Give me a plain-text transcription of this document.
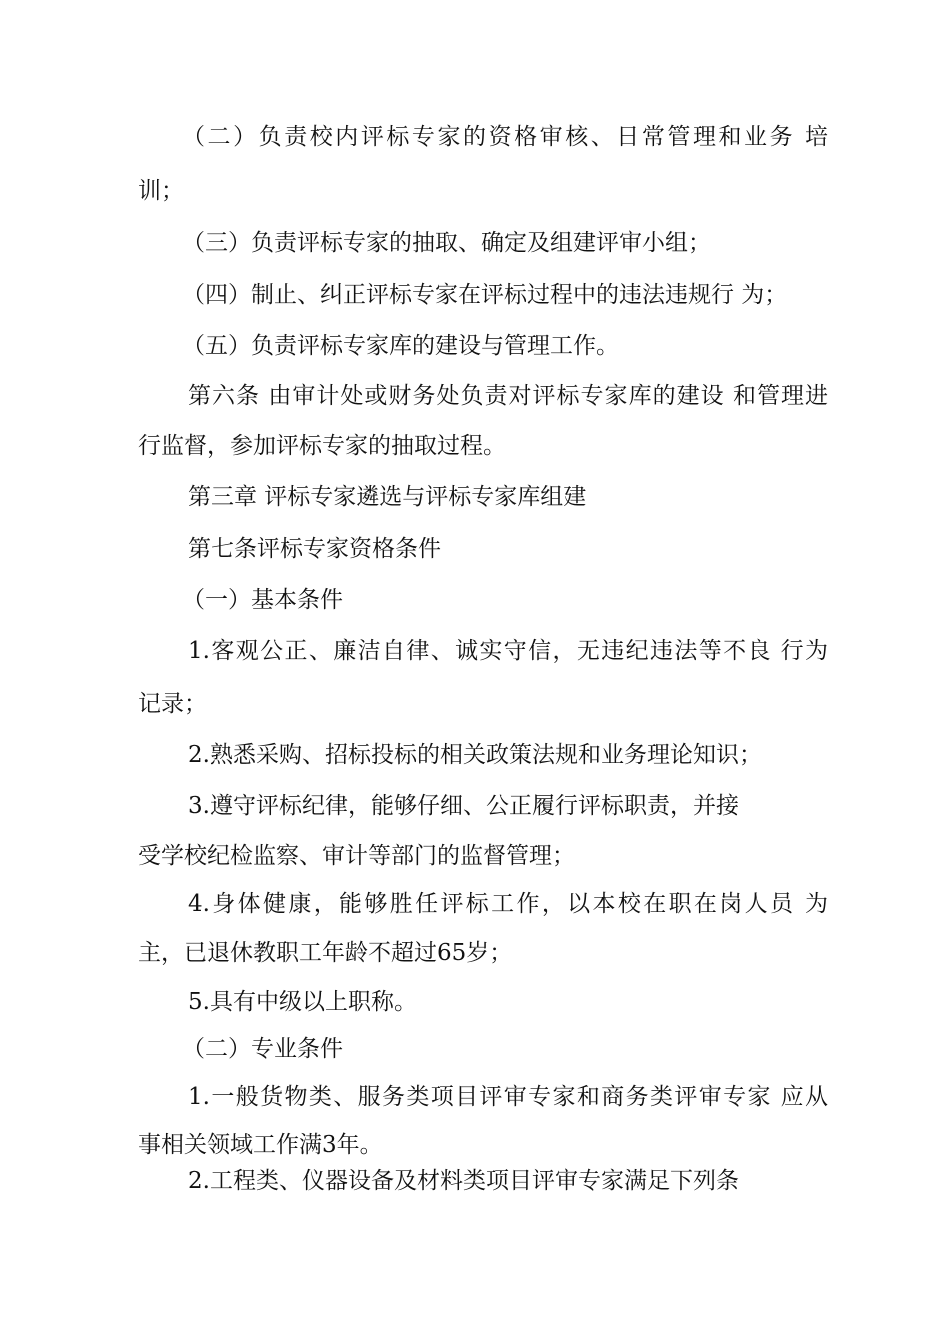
（二）负责校内评标专家的资格审核、日常管理和业务 培

训；

（三）负责评标专家的抽取、确定及组建评审小组；

（四）制止、纠正评标专家在评标过程中的违法违规行 为；

（五）负责评标专家库的建设与管理工作。

第六条 由审计处或财务处负责对评标专家库的建设 和管理进

行监督，参加评标专家的抽取过程。

第三章 评标专家遴选与评标专家库组建

第七条评标专家资格条件

（一）基本条件

1.客观公正、廉洁自律、诚实守信，无违纪违法等不良 行为

记录；

2.熟悉采购、招标投标的相关政策法规和业务理论知识；

3.遵守评标纪律，能够仔细、公正履行评标职责，并接

受学校纪检监察、审计等部门的监督管理；

4.身体健康，能够胜任评标工作，以本校在职在岗人员 为

主，已退休教职工年龄不超过65岁；

5.具有中级以上职称。

（二）专业条件

1.一般货物类、服务类项目评审专家和商务类评审专家 应从

事相关领域工作满3年。

2.工程类、仪器设备及材料类项目评审专家满足下列条
